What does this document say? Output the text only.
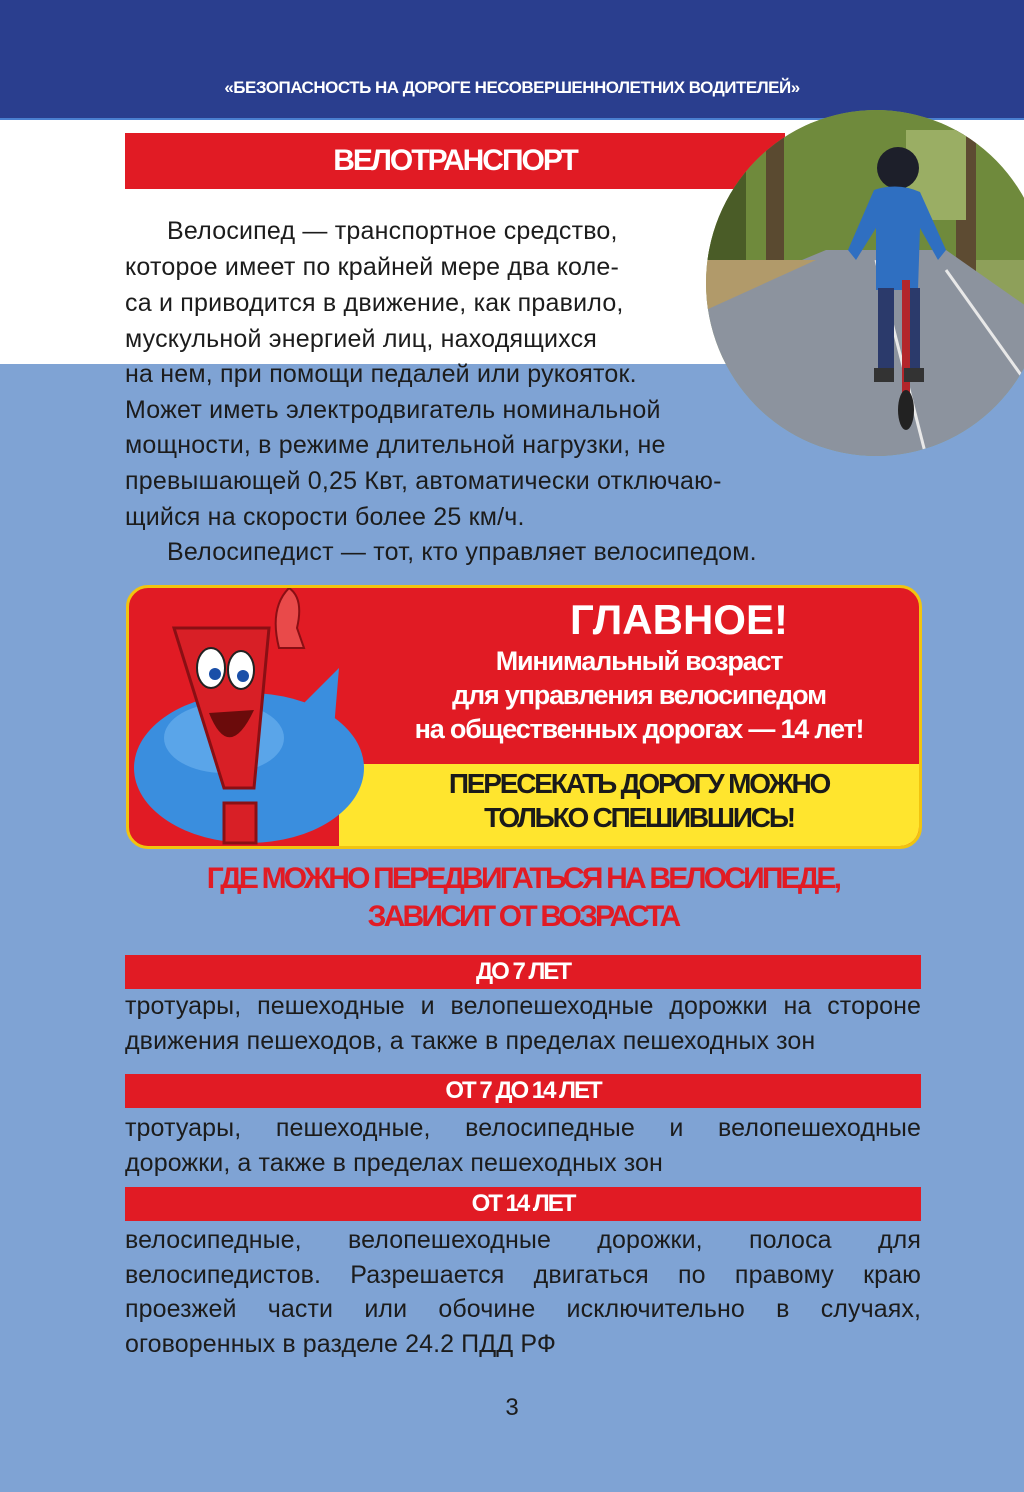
«БЕЗОПАСНОСТЬ НА ДОРОГЕ НЕСОВЕРШЕННОЛЕТНИХ ВОДИТЕЛЕЙ»
ВЕЛОТРАНСПОРТ
Велосипед — транспортное средство,
которое имеет по крайней мере два коле-
са и приводится в движение, как правило,
мускульной энергией лиц, находящихся
на нем, при помощи педалей или рукояток.
Может иметь электродвигатель номинальной
мощности, в режиме длительной нагрузки, не
превышающей 0,25 Квт, автоматически отключаю-
щийся на скорости более 25 км/ч.
Велосипедист — тот, кто управляет велосипедом.
ГЛАВНОЕ!
Минимальный возраст
для управления велосипедом
на общественных дорогах — 14 лет!
ПЕРЕСЕКАТЬ ДОРОГУ МОЖНО
ТОЛЬКО СПЕШИВШИСЬ!
ГДЕ МОЖНО ПЕРЕДВИГАТЬСЯ НА ВЕЛОСИПЕДЕ,
ЗАВИСИТ ОТ ВОЗРАСТА
ДО 7 ЛЕТ
тротуары, пешеходные и велопешеходные дорожки на стороне движения пешеходов, а также в пределах пешеходных зон
ОТ 7 ДО 14 ЛЕТ
тротуары, пешеходные, велосипедные и велопешеходные дорожки, а также в пределах пешеходных зон
ОТ 14 ЛЕТ
велосипедные, велопешеходные дорожки, полоса для велосипедистов. Разрешается двигаться по правому краю проезжей части или обочине исключительно в случаях, оговоренных в разделе 24.2 ПДД РФ
3
